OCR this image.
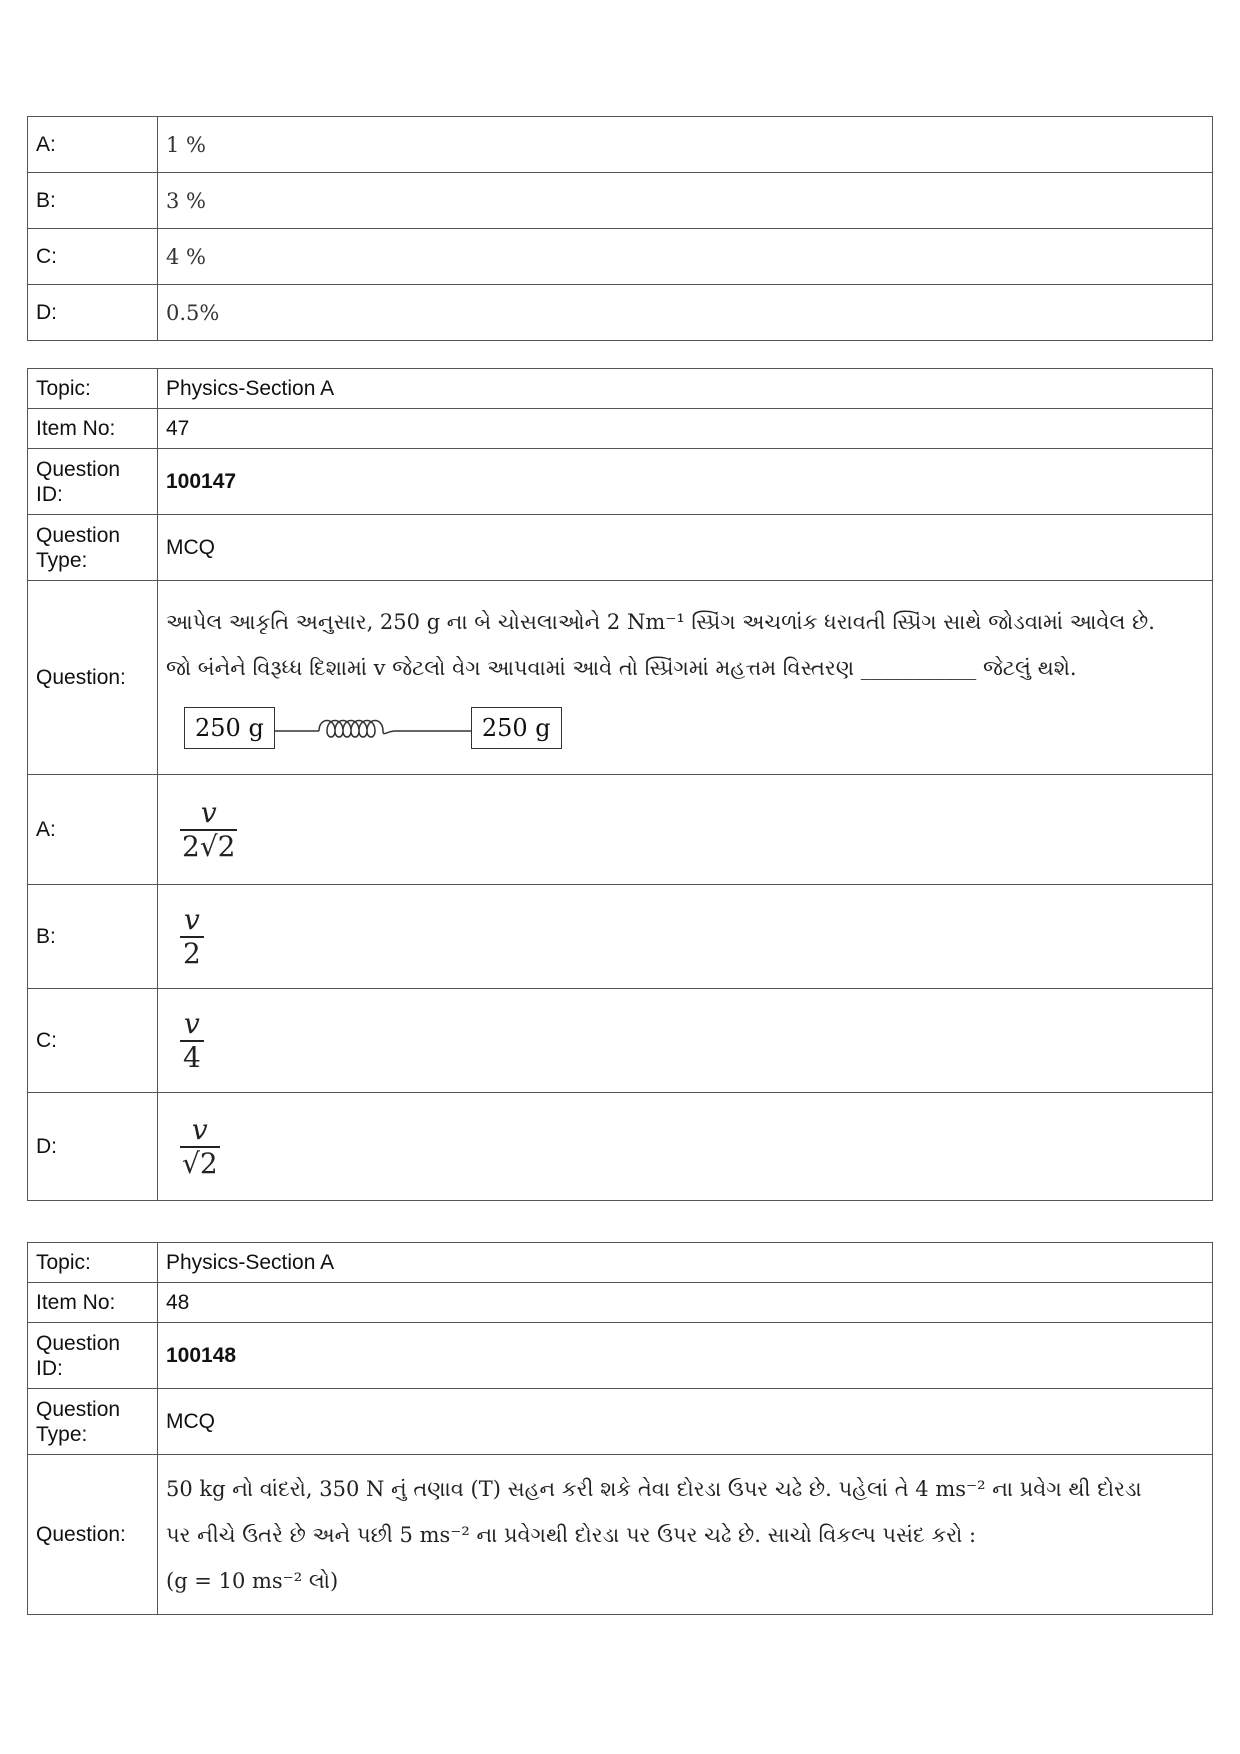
A:	1 %
B:	3 %
C:	4 %
D:	0.5%
Topic:	Physics-Section A
Item No:	47
Question ID:	100147
Question Type:	MCQ
Question:	આપેલ આકૃતિ અનુસાર, 250 g ના બે ચોસલાઓને 2 Nm⁻¹ સ્પ્રિંગ અચળાંક ધરાવતી સ્પ્રિંગ સાથે જોડવામાં આવેલ છે.
જો બંનેને વિરૂધ્ધ દિશામાં v જેટલો વેગ આપવામાં આવે તો સ્પ્રિંગમાં મહત્તમ વિસ્તરણ ___________ જેટલું થશે.
250 g 250 g

A:	$\frac{v}{2√2}$

B:	$\frac{v}{2}$

C:	$\frac{v}{4}$

D:	$\frac{v}{√2}$
Topic:	Physics-Section A
Item No:	48
Question ID:	100148
Question Type:	MCQ
Question:	50 kg નો વાંદરો, 350 N નું તણાવ (T) સહન કરી શકે તેવા દોરડા ઉપર ચઢે છે. પહેલાં તે 4 ms⁻² ના પ્રવેગ થી દોરડા
પર નીચે ઉતરે છે અને પછી 5 ms⁻² ના પ્રવેગથી દોરડા પર ઉપર ચઢે છે. સાચો વિકલ્પ પસંદ કરો :
(g = 10 ms⁻² લો)
